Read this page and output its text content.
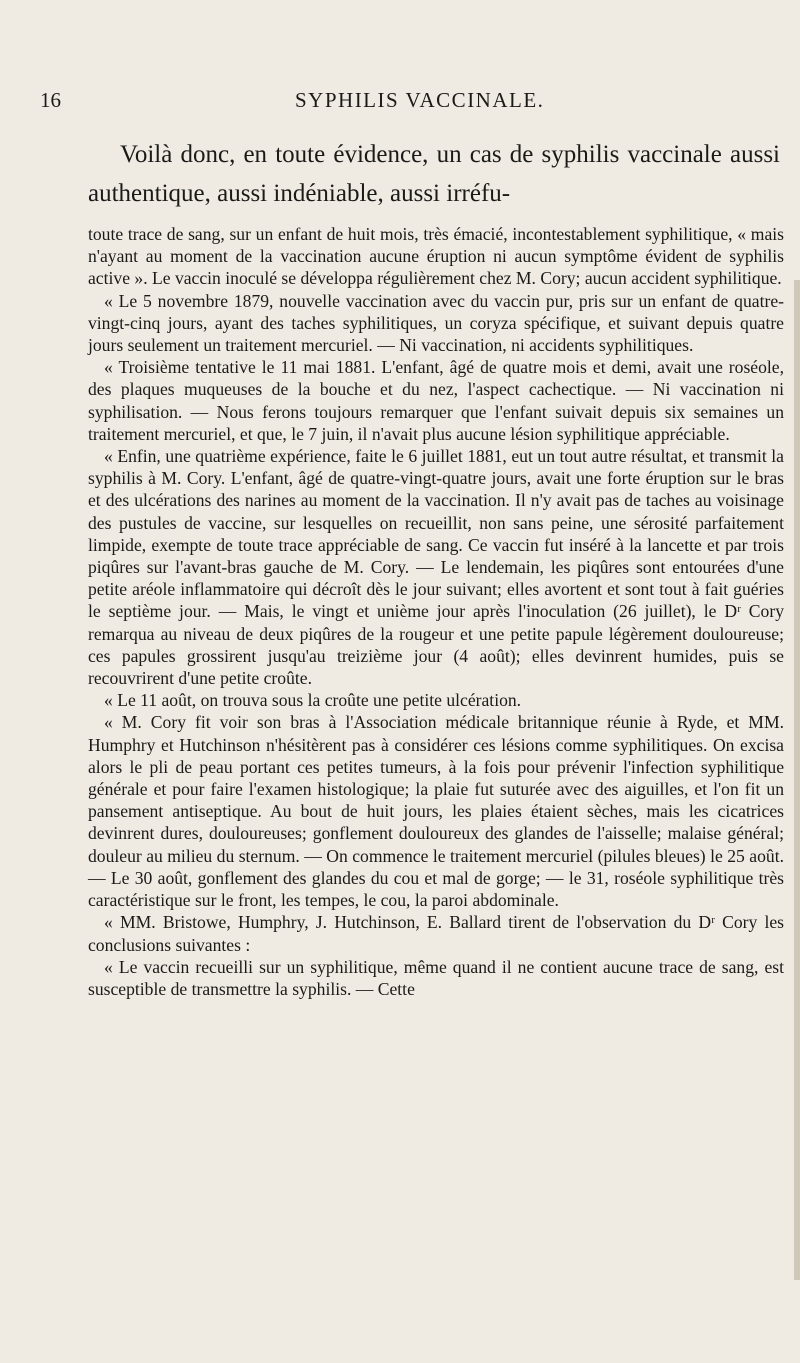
16	SYPHILIS VACCINALE.
Voilà donc, en toute évidence, un cas de syphilis vaccinale aussi authentique, aussi indéniable, aussi irréfu-

toute trace de sang, sur un enfant de huit mois, très émacié, incontestablement syphilitique, « mais n'ayant au moment de la vaccination aucune éruption ni aucun symptôme évident de syphilis active ». Le vaccin inoculé se développa régulièrement chez M. Cory; aucun accident syphilitique.

« Le 5 novembre 1879, nouvelle vaccination avec du vaccin pur, pris sur un enfant de quatre-vingt-cinq jours, ayant des taches syphilitiques, un coryza spécifique, et suivant depuis quatre jours seulement un traitement mercuriel. — Ni vaccination, ni accidents syphilitiques.

« Troisième tentative le 11 mai 1881. L'enfant, âgé de quatre mois et demi, avait une roséole, des plaques muqueuses de la bouche et du nez, l'aspect cachectique. — Ni vaccination ni syphilisation. — Nous ferons toujours remarquer que l'enfant suivait depuis six semaines un traitement mercuriel, et que, le 7 juin, il n'avait plus aucune lésion syphilitique appréciable.

« Enfin, une quatrième expérience, faite le 6 juillet 1881, eut un tout autre résultat, et transmit la syphilis à M. Cory. L'enfant, âgé de quatre-vingt-quatre jours, avait une forte éruption sur le bras et des ulcérations des narines au moment de la vaccination. Il n'y avait pas de taches au voisinage des pustules de vaccine, sur lesquelles on recueillit, non sans peine, une sérosité parfaitement limpide, exempte de toute trace appréciable de sang. Ce vaccin fut inséré à la lancette et par trois piqûres sur l'avant-bras gauche de M. Cory. — Le lendemain, les piqûres sont entourées d'une petite aréole inflammatoire qui décroît dès le jour suivant; elles avortent et sont tout à fait guéries le septième jour. — Mais, le vingt et unième jour après l'inoculation (26 juillet), le Dʳ Cory remarqua au niveau de deux piqûres de la rougeur et une petite papule légèrement douloureuse; ces papules grossirent jusqu'au treizième jour (4 août); elles devinrent humides, puis se recouvrirent d'une petite croûte.

« Le 11 août, on trouva sous la croûte une petite ulcération.

« M. Cory fit voir son bras à l'Association médicale britannique réunie à Ryde, et MM. Humphry et Hutchinson n'hésitèrent pas à considérer ces lésions comme syphilitiques. On excisa alors le pli de peau portant ces petites tumeurs, à la fois pour prévenir l'infection syphilitique générale et pour faire l'examen histologique; la plaie fut suturée avec des aiguilles, et l'on fit un pansement antiseptique. Au bout de huit jours, les plaies étaient sèches, mais les cicatrices devinrent dures, douloureuses; gonflement douloureux des glandes de l'aisselle; malaise général; douleur au milieu du sternum. — On commence le traitement mercuriel (pilules bleues) le 25 août. — Le 30 août, gonflement des glandes du cou et mal de gorge; — le 31, roséole syphilitique très caractéristique sur le front, les tempes, le cou, la paroi abdominale.

« MM. Bristowe, Humphry, J. Hutchinson, E. Ballard tirent de l'observation du Dʳ Cory les conclusions suivantes :

« Le vaccin recueilli sur un syphilitique, même quand il ne contient aucune trace de sang, est susceptible de transmettre la syphilis. — Cette
